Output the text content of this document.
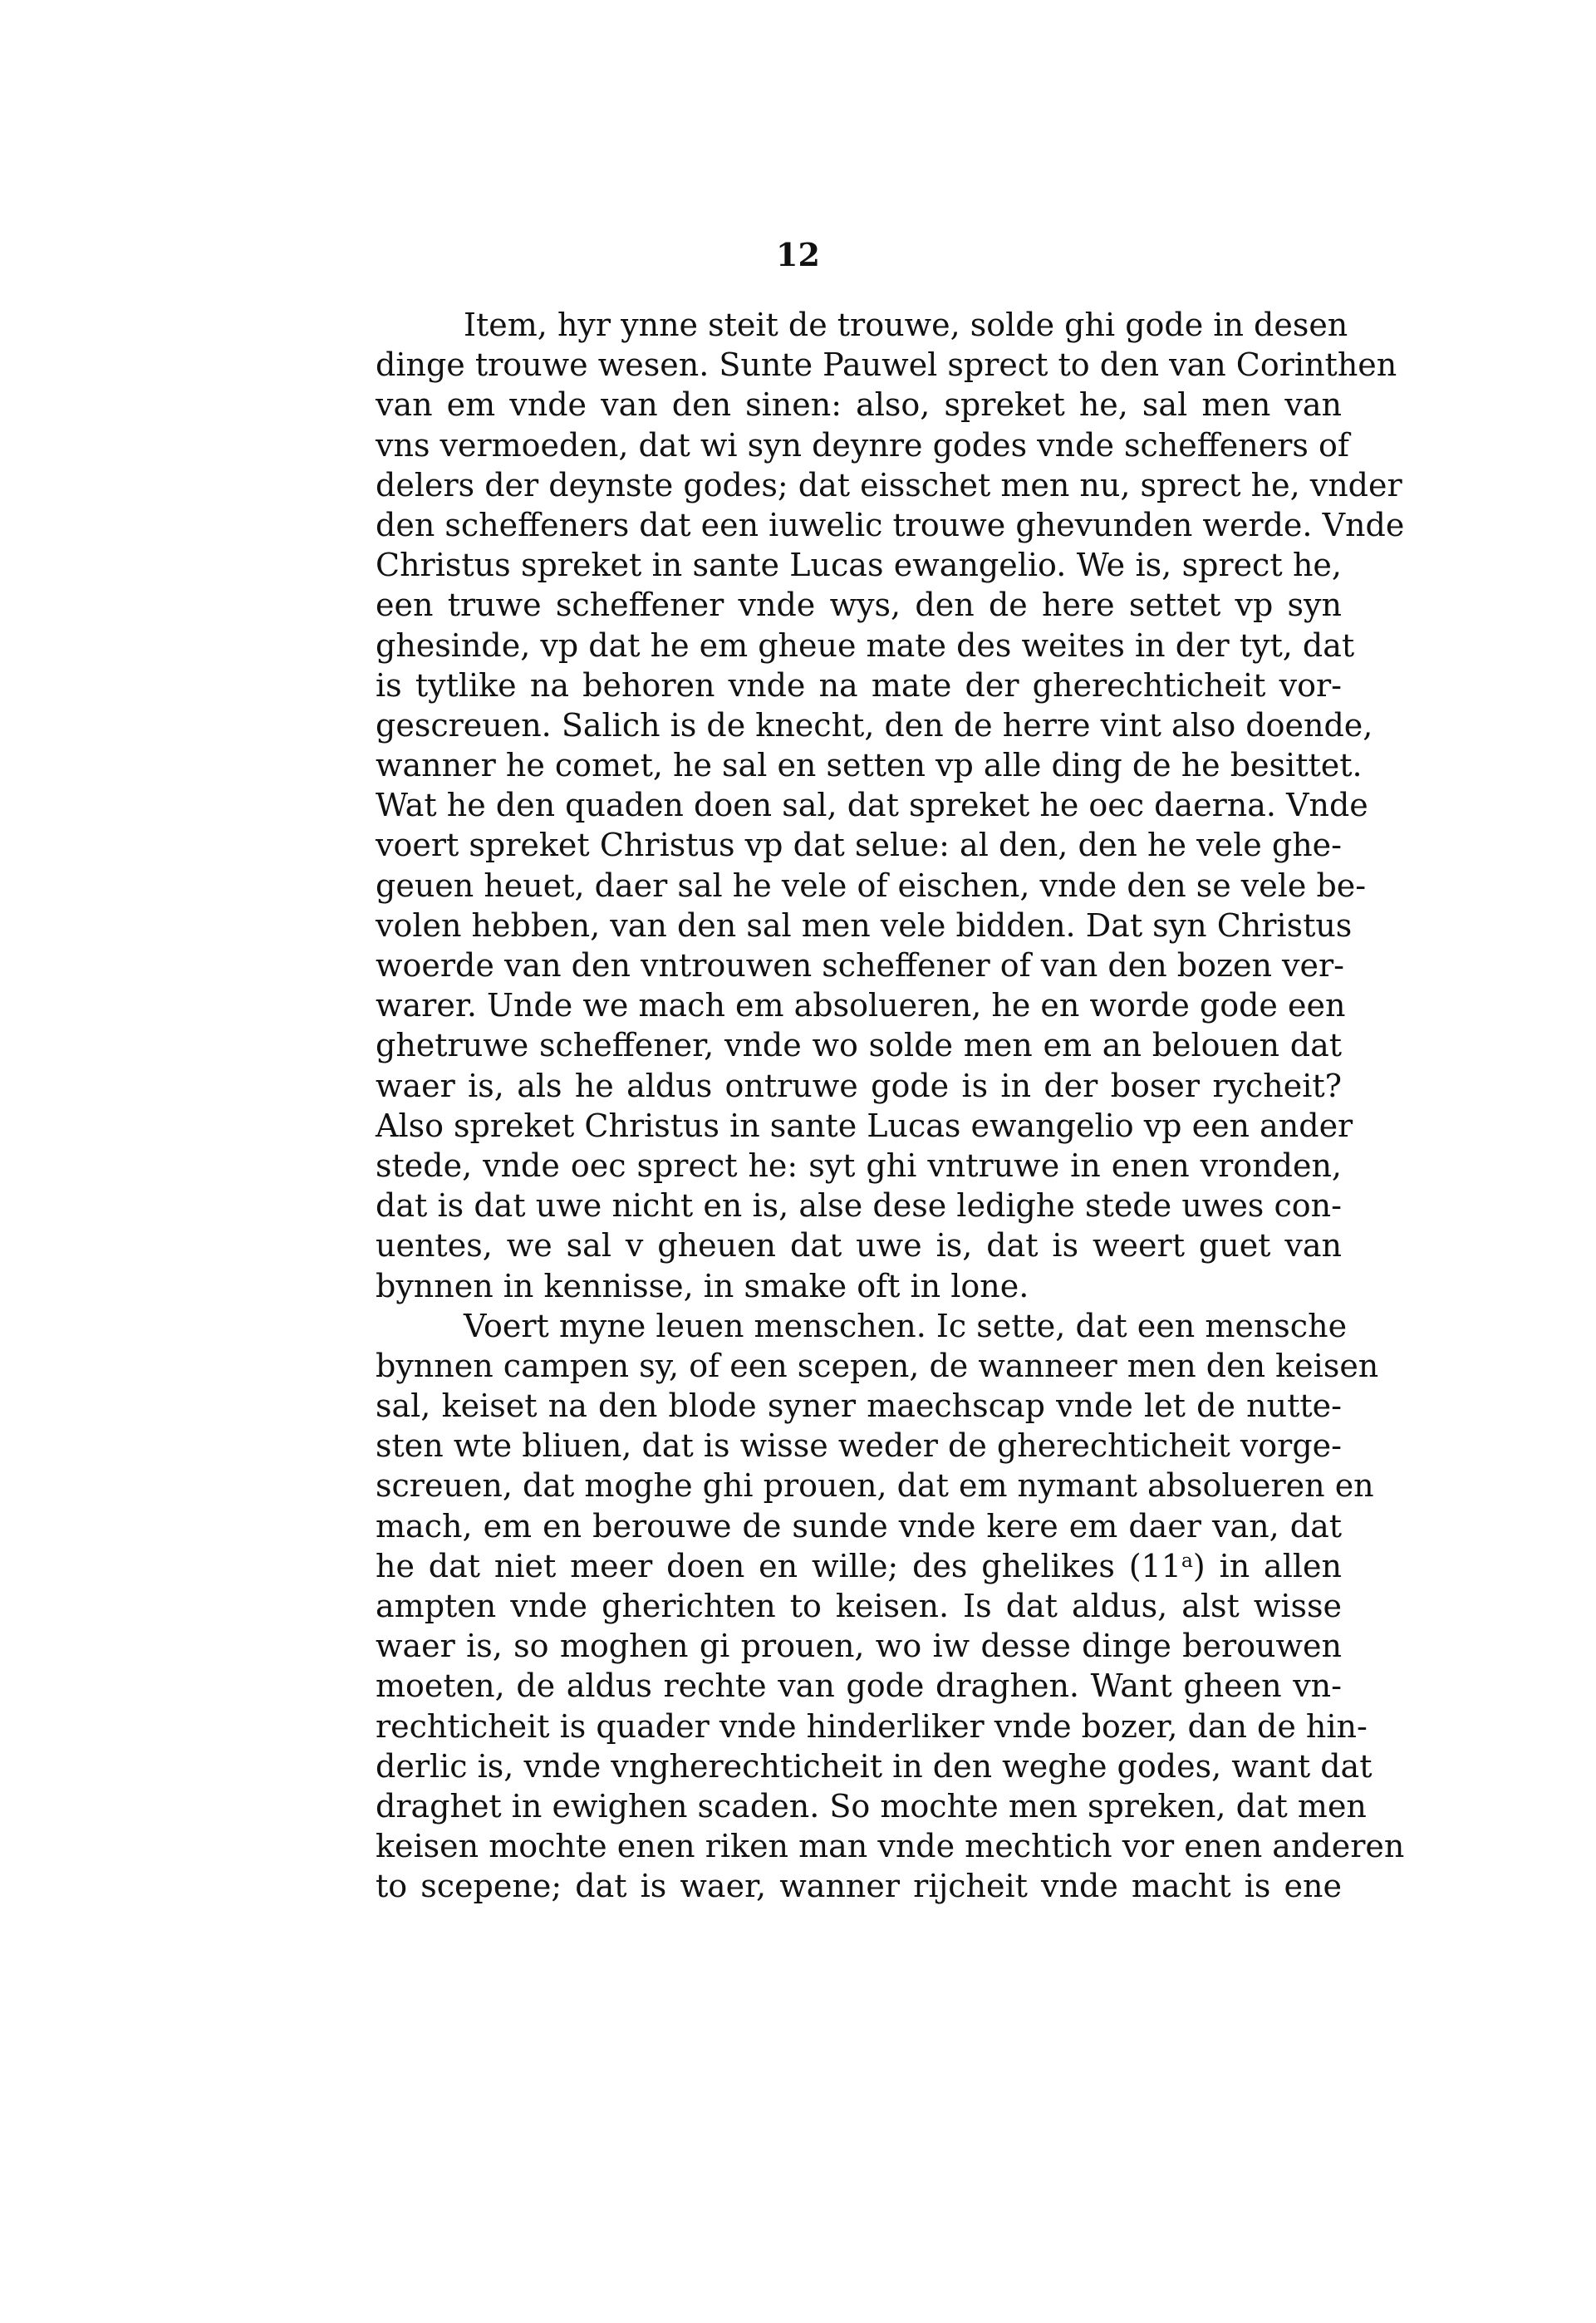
12
Item, hyr ynne steit de trouwe, solde ghi gode in desen
dinge trouwe wesen. Sunte Pauwel sprect to den van Corinthen
van em vnde van den sinen: also, spreket he, sal men van
vns vermoeden, dat wi syn deynre godes vnde scheffeners of
delers der deynste godes; dat eisschet men nu, sprect he, vnder
den scheffeners dat een iuwelic trouwe ghevunden werde. Vnde
Christus spreket in sante Lucas ewangelio. We is, sprect he,
een truwe scheffener vnde wys, den de here settet vp syn
ghesinde, vp dat he em gheue mate des weites in der tyt, dat
is tytlike na behoren vnde na mate der gherechticheit vor-
gescreuen. Salich is de knecht, den de herre vint also doende,
wanner he comet, he sal en setten vp alle ding de he besittet.
Wat he den quaden doen sal, dat spreket he oec daerna. Vnde
voert spreket Christus vp dat selue: al den, den he vele ghe-
geuen heuet, daer sal he vele of eischen, vnde den se vele be-
volen hebben, van den sal men vele bidden. Dat syn Christus
woerde van den vntrouwen scheffener of van den bozen ver-
warer. Unde we mach em absolueren, he en worde gode een
ghetruwe scheffener, vnde wo solde men em an belouen dat
waer is, als he aldus ontruwe gode is in der boser rycheit?
Also spreket Christus in sante Lucas ewangelio vp een ander
stede, vnde oec sprect he: syt ghi vntruwe in enen vronden,
dat is dat uwe nicht en is, alse dese ledighe stede uwes con-
uentes, we sal v gheuen dat uwe is, dat is weert guet van
bynnen in kennisse, in smake oft in lone.
Voert myne leuen menschen. Ic sette, dat een mensche
bynnen campen sy, of een scepen, de wanneer men den keisen
sal, keiset na den blode syner maechscap vnde let de nutte-
sten wte bliuen, dat is wisse weder de gherechticheit vorge-
screuen, dat moghe ghi prouen, dat em nymant absolueren en
mach, em en berouwe de sunde vnde kere em daer van, dat
he dat niet meer doen en wille; des ghelikes (11$^a$) in allen
ampten vnde gherichten to keisen. Is dat aldus, alst wisse
waer is, so moghen gi prouen, wo iw desse dinge berouwen
moeten, de aldus rechte van gode draghen. Want gheen vn-
rechticheit is quader vnde hinderliker vnde bozer, dan de hin-
derlic is, vnde vngherechticheit in den weghe godes, want dat
draghet in ewighen scaden. So mochte men spreken, dat men
keisen mochte enen riken man vnde mechtich vor enen anderen
to scepene; dat is waer, wanner rijcheit vnde macht is ene
